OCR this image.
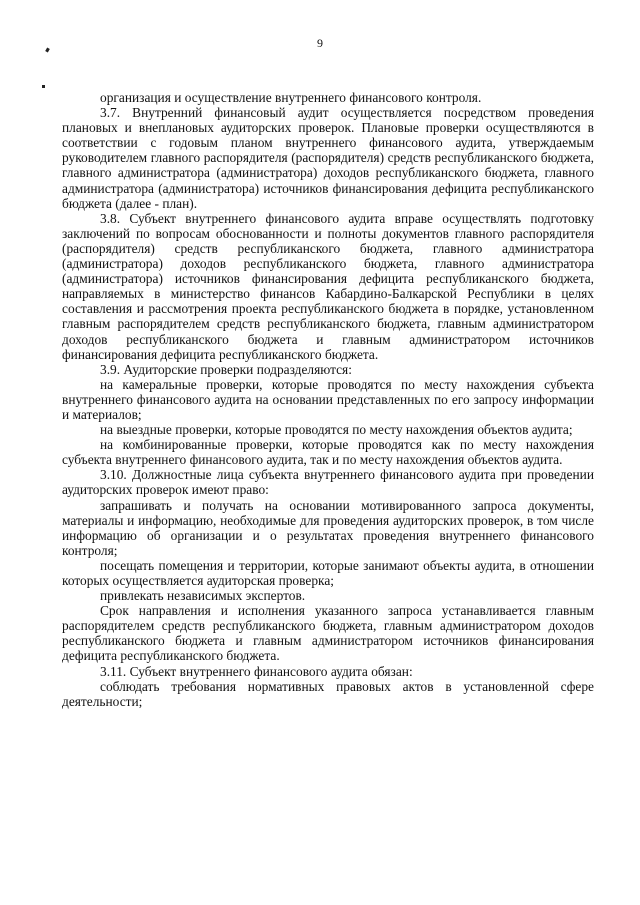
9

организация и осуществление внутреннего финансового контроля.

3.7. Внутренний финансовый аудит осуществляется посредством проведения плановых и внеплановых аудиторских проверок. Плановые проверки осуществляются в соответствии с годовым планом внутреннего финансового аудита, утверждаемым руководителем главного распорядителя (распорядителя) средств республиканского бюджета, главного администратора (администратора) доходов республиканского бюджета, главного администратора (администратора) источников финансирования дефицита республиканского бюджета (далее - план).

3.8. Субъект внутреннего финансового аудита вправе осуществлять подготовку заключений по вопросам обоснованности и полноты документов главного распорядителя (распорядителя) средств республиканского бюджета, главного администратора (администратора) доходов республиканского бюджета, главного администратора (администратора) источников финансирования дефицита республиканского бюджета, направляемых в министерство финансов Кабардино-Балкарской Республики в целях составления и рассмотрения проекта республиканского бюджета в порядке, установленном главным распорядителем средств республиканского бюджета, главным администратором доходов республиканского бюджета и главным администратором источников финансирования дефицита республиканского бюджета.

3.9. Аудиторские проверки подразделяются:

на камеральные проверки, которые проводятся по месту нахождения субъекта внутреннего финансового аудита на основании представленных по его запросу информации и материалов;

на выездные проверки, которые проводятся по месту нахождения объектов аудита;

на комбинированные проверки, которые проводятся как по месту нахождения субъекта внутреннего финансового аудита, так и по месту нахождения объектов аудита.

3.10. Должностные лица субъекта внутреннего финансового аудита при проведении аудиторских проверок имеют право:

запрашивать и получать на основании мотивированного запроса документы, материалы и информацию, необходимые для проведения аудиторских проверок, в том числе информацию об организации и о результатах проведения внутреннего финансового контроля;

посещать помещения и территории, которые занимают объекты аудита, в отношении которых осуществляется аудиторская проверка;

привлекать независимых экспертов.

Срок направления и исполнения указанного запроса устанавливается главным распорядителем средств республиканского бюджета, главным администратором доходов республиканского бюджета и главным администратором источников финансирования дефицита республиканского бюджета.

3.11. Субъект внутреннего финансового аудита обязан:

соблюдать требования нормативных правовых актов в установленной сфере деятельности;
